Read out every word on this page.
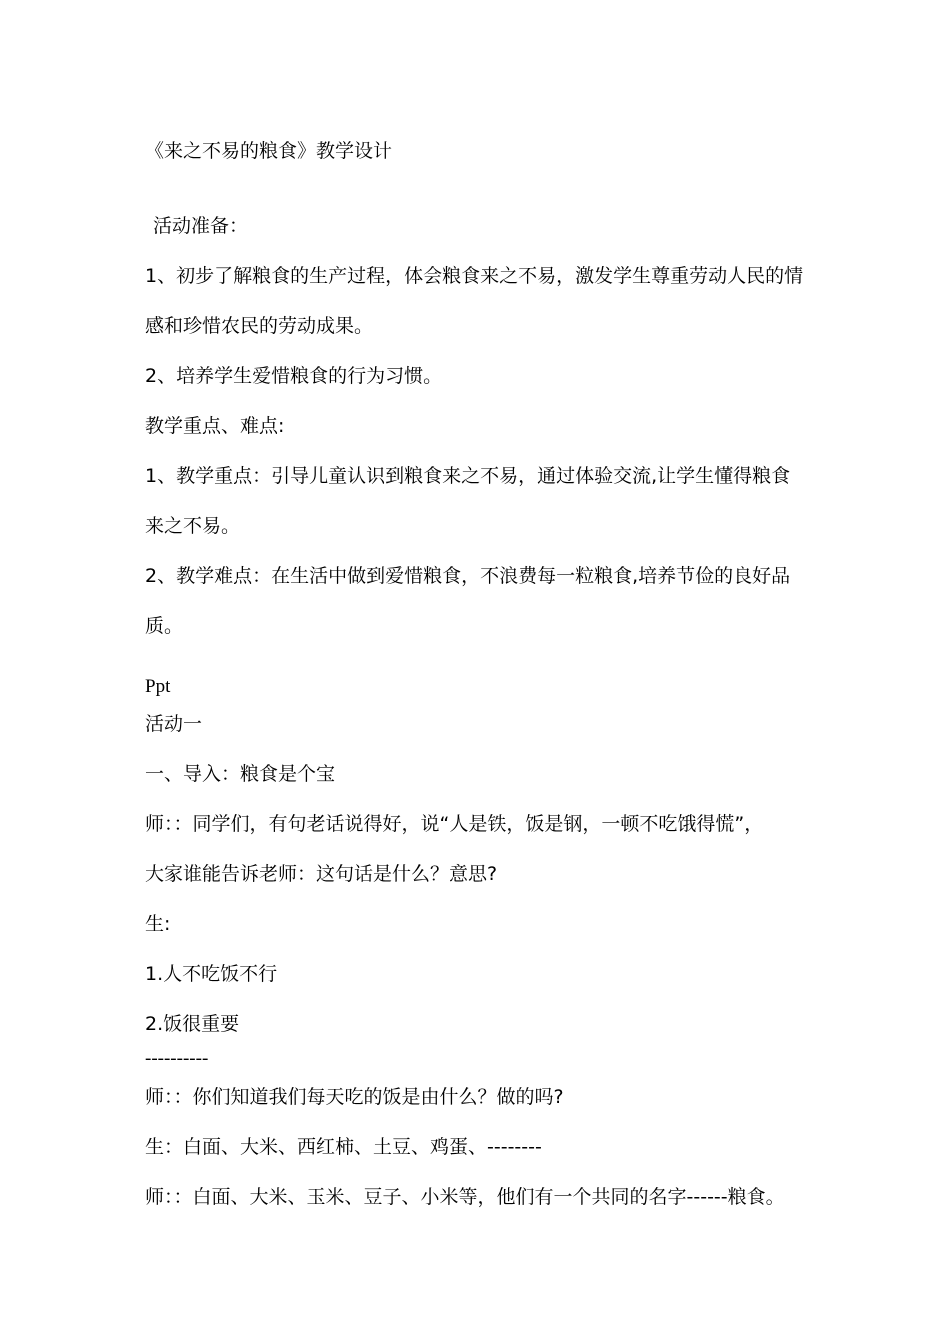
《来之不易的粮食》教学设计
活动准备：
1、初步了解粮食的生产过程，体会粮食来之不易，激发学生尊重劳动人民的情
感和珍惜农民的劳动成果。
2、培养学生爱惜粮食的行为习惯。
教学重点、难点:
1、教学重点：引导儿童认识到粮食来之不易，通过体验交流,让学生懂得粮食
来之不易。
2、教学难点：在生活中做到爱惜粮食，不浪费每一粒粮食,培养节俭的良好品
质。
Ppt
活动一
一、导入：粮食是个宝
师：：同学们，有句老话说得好，说“人是铁，饭是钢，一顿不吃饿得慌”，
大家谁能告诉老师：这句话是什么？意思?
生:
1.人不吃饭不行
2.饭很重要
----------
师：：你们知道我们每天吃的饭是由什么？做的吗?
生：白面、大米、西红柿、土豆、鸡蛋、--------
师：：白面、大米、玉米、豆子、小米等，他们有一个共同的名字------粮食。
